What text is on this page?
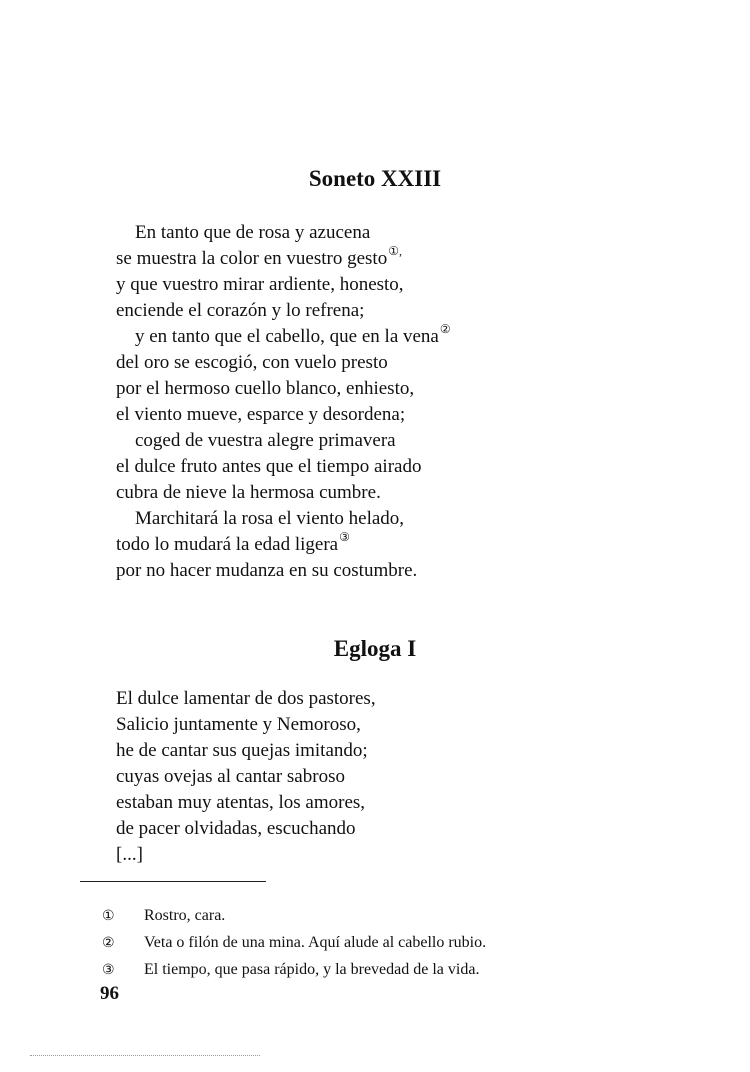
Soneto XXIII
En tanto que de rosa y azucena
se muestra la color en vuestro gesto①,
y que vuestro mirar ardiente, honesto,
enciende el corazón y lo refrena;
y en tanto que el cabello, que en la vena②
del oro se escogió, con vuelo presto
por el hermoso cuello blanco, enhiesto,
el viento mueve, esparce y desordena;
coged de vuestra alegre primavera
el dulce fruto antes que el tiempo airado
cubra de nieve la hermosa cumbre.
Marchitará la rosa el viento helado,
todo lo mudará la edad ligera③
por no hacer mudanza en su costumbre.
Egloga I
El dulce lamentar de dos pastores,
Salicio juntamente y Nemoroso,
he de cantar sus quejas imitando;
cuyas ovejas al cantar sabroso
estaban muy atentas, los amores,
de pacer olvidadas, escuchando
[...]
① Rostro, cara.
② Veta o filón de una mina. Aquí alude al cabello rubio.
③ El tiempo, que pasa rápido, y la brevedad de la vida.
96
